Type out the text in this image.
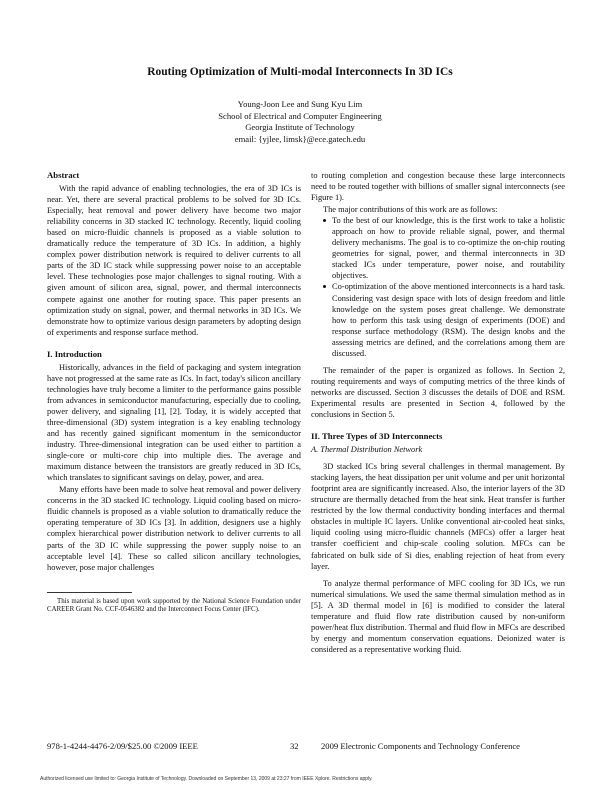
Routing Optimization of Multi-modal Interconnects In 3D ICs
Young-Joon Lee and Sung Kyu Lim
School of Electrical and Computer Engineering
Georgia Institute of Technology
email: {yjlee, limsk}@ece.gatech.edu
Abstract

With the rapid advance of enabling technologies, the era of 3D ICs is near. Yet, there are several practical problems to be solved for 3D ICs. Especially, heat removal and power delivery have become two major reliability concerns in 3D stacked IC technology. Recently, liquid cooling based on micro-fluidic channels is proposed as a viable solution to dramatically reduce the temperature of 3D ICs. In addition, a highly complex power distribution network is required to deliver currents to all parts of the 3D IC stack while suppressing power noise to an acceptable level. These technologies pose major challenges to signal routing. With a given amount of silicon area, signal, power, and thermal interconnects compete against one another for routing space. This paper presents an optimization study on signal, power, and thermal networks in 3D ICs. We demonstrate how to optimize various design parameters by adopting design of experiments and response surface method.

I. Introduction

Historically, advances in the field of packaging and system integration have not progressed at the same rate as ICs. In fact, today's silicon ancillary technologies have truly become a limiter to the performance gains possible from advances in semiconductor manufacturing, especially due to cooling, power delivery, and signaling [1], [2]. Today, it is widely accepted that three-dimensional (3D) system integration is a key enabling technology and has recently gained significant momentum in the semiconductor industry. Three-dimensional integration can be used either to partition a single-core or multi-core chip into multiple dies. The average and maximum distance between the transistors are greatly reduced in 3D ICs, which translates to significant savings on delay, power, and area.

Many efforts have been made to solve heat removal and power delivery concerns in the 3D stacked IC technology. Liquid cooling based on micro-fluidic channels is proposed as a viable solution to dramatically reduce the operating temperature of 3D ICs [3]. In addition, designers use a highly complex hierarchical power distribution network to deliver currents to all parts of the 3D IC while suppressing the power supply noise to an acceptable level [4]. These so called silicon ancillary technologies, however, pose major challenges

This material is based upon work supported by the National Science Foundation under CAREER Grant No. CCF-0546382 and the Interconnect Focus Center (IFC).

to routing completion and congestion because these large interconnects need to be routed together with billions of smaller signal interconnects (see Figure 1).

The major contributions of this work are as follows:

To the best of our knowledge, this is the first work to take a holistic approach on how to provide reliable signal, power, and thermal delivery mechanisms. The goal is to co-optimize the on-chip routing geometries for signal, power, and thermal interconnects in 3D stacked ICs under temperature, power noise, and routability objectives.
Co-optimization of the above mentioned interconnects is a hard task. Considering vast design space with lots of design freedom and little knowledge on the system poses great challenge. We demonstrate how to perform this task using design of experiments (DOE) and response surface methodology (RSM). The design knobs and the assessing metrics are defined, and the correlations among them are discussed.

The remainder of the paper is organized as follows. In Section 2, routing requirements and ways of computing metrics of the three kinds of networks are discussed. Section 3 discusses the details of DOE and RSM. Experimental results are presented in Section 4, followed by the conclusions in Section 5.

II. Three Types of 3D Interconnects
A. Thermal Distribution Network

3D stacked ICs bring several challenges in thermal management. By stacking layers, the heat dissipation per unit volume and per unit horizontal footprint area are significantly increased. Also, the interior layers of the 3D structure are thermally detached from the heat sink. Heat transfer is further restricted by the low thermal conductivity bonding interfaces and thermal obstacles in multiple IC layers. Unlike conventional air-cooled heat sinks, liquid cooling using micro-fluidic channels (MFCs) offer a larger heat transfer coefficient and chip-scale cooling solution. MFCs can be fabricated on bulk side of Si dies, enabling rejection of heat from every layer.

To analyze thermal performance of MFC cooling for 3D ICs, we run numerical simulations. We used the same thermal simulation method as in [5]. A 3D thermal model in [6] is modified to consider the lateral temperature and fluid flow rate distribution caused by non-uniform power/heat flux distribution. Thermal and fluid flow in MFCs are described by energy and momentum conservation equations. Deionized water is considered as a representative working fluid.

978-1-4244-4476-2/09/$25.00 ©2009 IEEE	32	2009 Electronic Components and Technology Conference
Authorized licensed use limited to: Georgia Institute of Technology. Downloaded on September 13, 2009 at 23:27 from IEEE Xplore. Restrictions apply.
